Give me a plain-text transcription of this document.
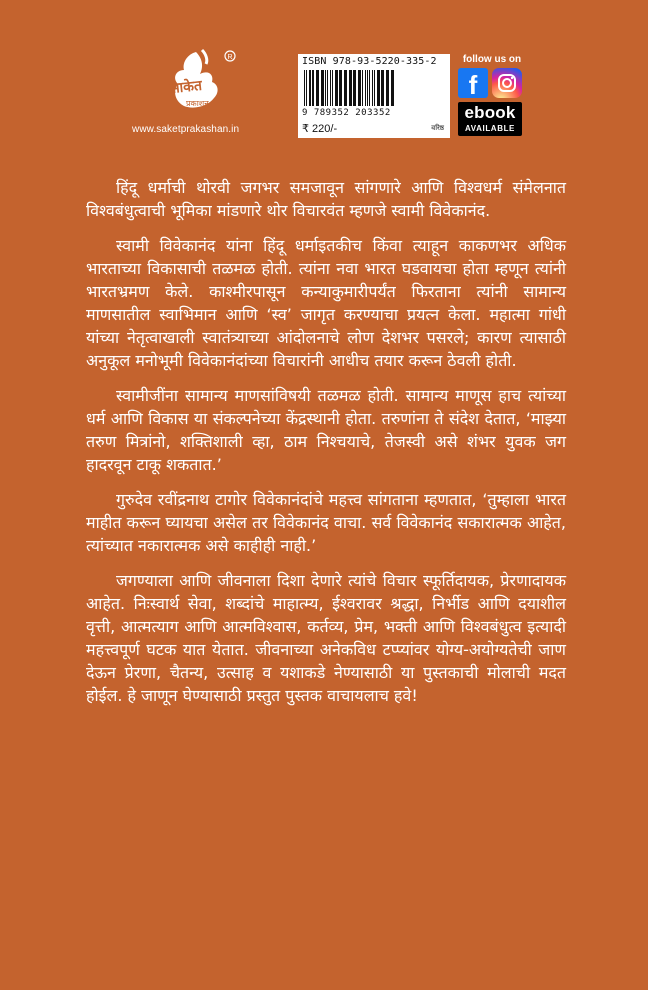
R
साकेत
प्रकाशन
www.saketprakashan.in
ISBN 978-93-5220-335-2
9 789352 203352
₹ 220/-	वरिष्ठ
follow us on
f
ebook
AVAILABLE

हिंदू धर्माची थोरवी जगभर समजावून सांगणारे आणि विश्वधर्म संमेलनात विश्वबंधुत्वाची भूमिका मांडणारे थोर विचारवंत म्हणजे स्वामी विवेकानंद.

स्वामी विवेकानंद यांना हिंदू धर्माइतकीच किंवा त्याहून काकणभर अधिक भारताच्या विकासाची तळमळ होती. त्यांना नवा भारत घडवायचा होता म्हणून त्यांनी भारतभ्रमण केले. काश्मीरपासून कन्याकुमारीपर्यंत फिरताना त्यांनी सामान्य माणसातील स्वाभिमान आणि ‘स्व’ जागृत करण्याचा प्रयत्न केला. महात्मा गांधी यांच्या नेतृत्वाखाली स्वातंत्र्याच्या आंदोलनाचे लोण देशभर पसरले; कारण त्यासाठी अनुकूल मनोभूमी विवेकानंदांच्या विचारांनी आधीच तयार करून ठेवली होती.

स्वामीजींना सामान्य माणसांविषयी तळमळ होती. सामान्य माणूस हाच त्यांच्या धर्म आणि विकास या संकल्पनेच्या केंद्रस्थानी होता. तरुणांना ते संदेश देतात, ‘माझ्या तरुण मित्रांनो, शक्तिशाली व्हा, ठाम निश्चयाचे, तेजस्वी असे शंभर युवक जग हादरवून टाकू शकतात.’

गुरुदेव रवींद्रनाथ टागोर विवेकानंदांचे महत्त्व सांगताना म्हणतात, ‘तुम्हाला भारत माहीत करून घ्यायचा असेल तर विवेकानंद वाचा. सर्व विवेकानंद सकारात्मक आहेत, त्यांच्यात नकारात्मक असे काहीही नाही.’

जगण्याला आणि जीवनाला दिशा देणारे त्यांचे विचार स्फूर्तिदायक, प्रेरणादायक आहेत. निःस्वार्थ सेवा, शब्दांचे माहात्म्य, ईश्वरावर श्रद्धा, निर्भीड आणि दयाशील वृत्ती, आत्मत्याग आणि आत्मविश्वास, कर्तव्य, प्रेम, भक्ती आणि विश्वबंधुत्व इत्यादी महत्त्वपूर्ण घटक यात येतात. जीवनाच्या अनेकविध टप्प्यांवर योग्य-अयोग्यतेची जाण देऊन प्रेरणा, चैतन्य, उत्साह व यशाकडे नेण्यासाठी या पुस्तकाची मोलाची मदत होईल. हे जाणून घेण्यासाठी प्रस्तुत पुस्तक वाचायलाच हवे!
